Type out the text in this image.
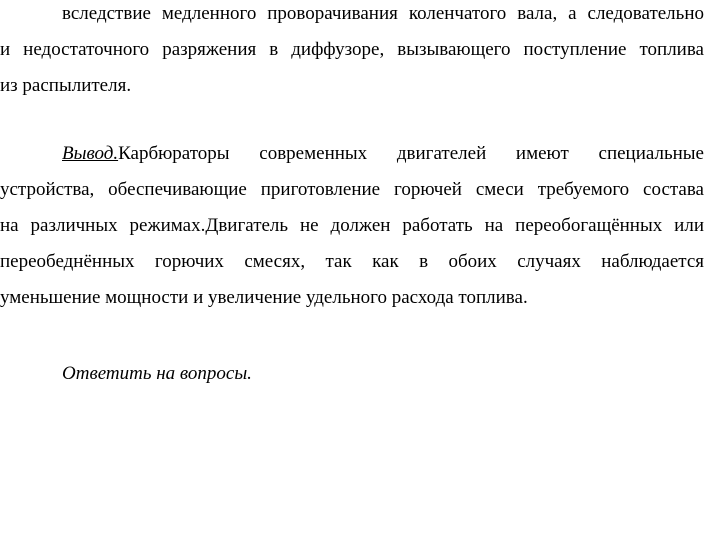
вследствие медленного проворачивания коленчатого вала, а следовательно
и недостаточного разряжения в диффузоре, вызывающего поступление топлива
из распылителя.
Вывод.Карбюраторы современных двигателей имеют специальные
устройства, обеспечивающие приготовление горючей смеси требуемого состава
на различных режимах.Двигатель не должен работать на переобогащённых или
переобеднённых горючих смесях, так как в обоих случаях наблюдается
уменьшение мощности и увеличение удельного расхода топлива.
Ответить на вопросы.
